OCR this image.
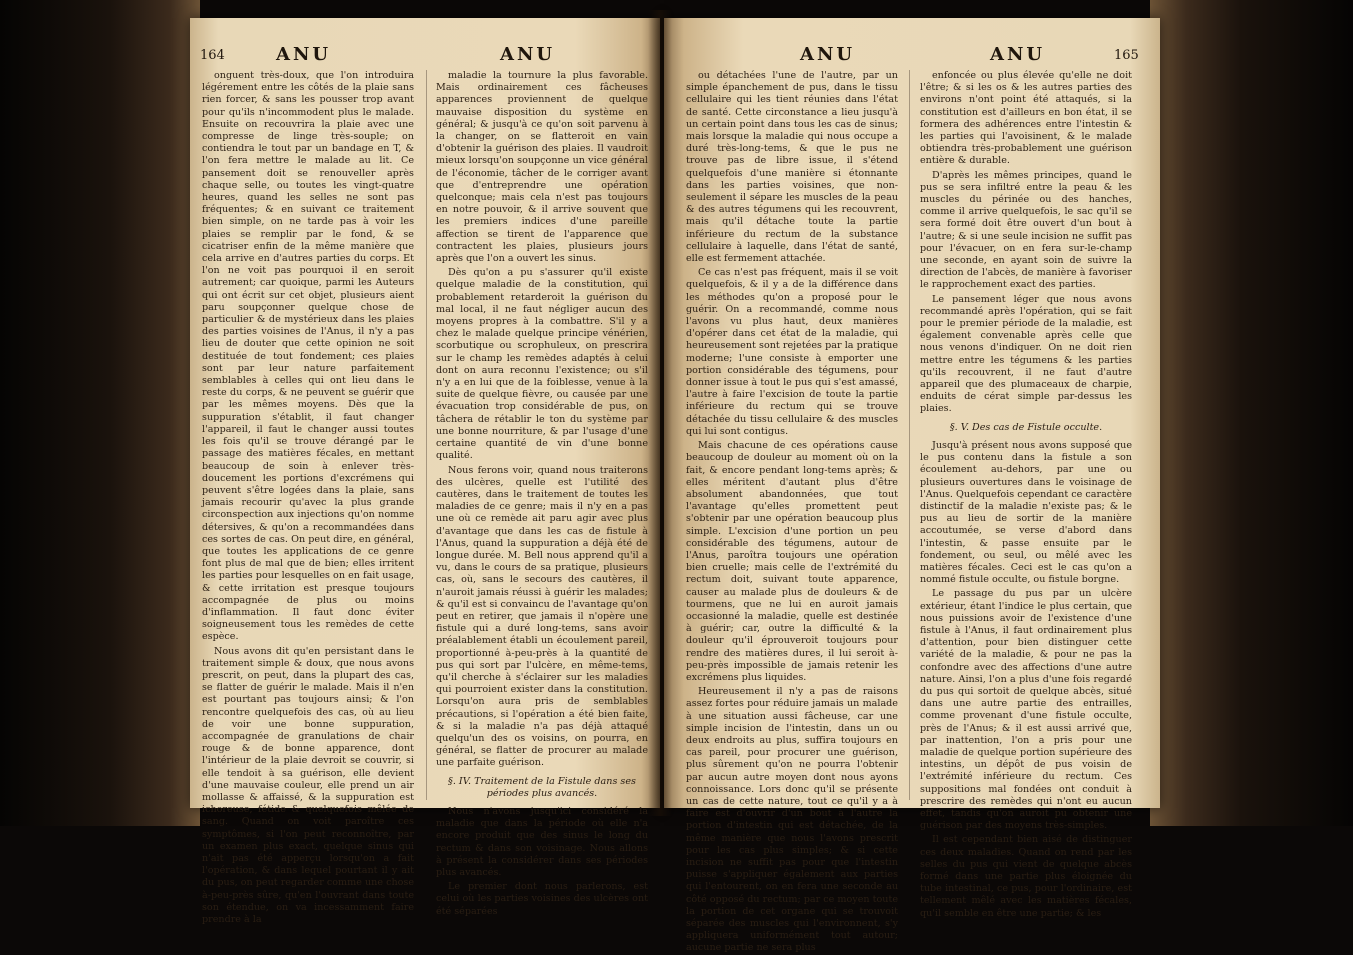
164	ANU	ANU

onguent très-doux, que l'on introduira légérement entre les côtés de la plaie sans rien forcer, & sans les pousser trop avant pour qu'ils n'incommodent plus le malade. Ensuite on recouvrira la plaie avec une compresse de linge très-souple; on contiendra le tout par un bandage en T, & l'on fera mettre le malade au lit. Ce pansement doit se renouveller après chaque selle, ou toutes les vingt-quatre heures, quand les selles ne sont pas fréquentes; & en suivant ce traitement bien simple, on ne tarde pas à voir les plaies se remplir par le fond, & se cicatriser enfin de la même manière que cela arrive en d'autres parties du corps. Et l'on ne voit pas pourquoi il en seroit autrement; car quoique, parmi les Auteurs qui ont écrit sur cet objet, plusieurs aient paru soupçonner quelque chose de particulier & de mystérieux dans les plaies des parties voisines de l'Anus, il n'y a pas lieu de douter que cette opinion ne soit destituée de tout fondement; ces plaies sont par leur nature parfaitement semblables à celles qui ont lieu dans le reste du corps, & ne peuvent se guérir que par les mêmes moyens. Dès que la suppuration s'établit, il faut changer l'appareil, il faut le changer aussi toutes les fois qu'il se trouve dérangé par le passage des matières fécales, en mettant beaucoup de soin à enlever très-doucement les portions d'excrémens qui peuvent s'être logées dans la plaie, sans jamais recourir qu'avec la plus grande circonspection aux injections qu'on nomme détersives, & qu'on a recommandées dans ces sortes de cas. On peut dire, en général, que toutes les applications de ce genre font plus de mal que de bien; elles irritent les parties pour lesquelles on en fait usage, & cette irritation est presque toujours accompagnée de plus ou moins d'inflammation. Il faut donc éviter soigneusement tous les remèdes de cette espèce.

Nous avons dit qu'en persistant dans le traitement simple & doux, que nous avons prescrit, on peut, dans la plupart des cas, se flatter de guérir le malade. Mais il n'en est pourtant pas toujours ainsi; & l'on rencontre quelquefois des cas, où au lieu de voir une bonne suppuration, accompagnée de granulations de chair rouge & de bonne apparence, dont l'intérieur de la plaie devroit se couvrir, si elle tendoit à sa guérison, elle devient d'une mauvaise couleur, elle prend un air mollasse & affaissé, & la suppuration est ichoreuse, fétide & quelquefois mêlée de sang. Quand on voit paroître ces symptômes, si l'on peut reconnoître, par un examen plus exact, quelque sinus qui n'ait pas été apperçu lorsqu'on a fait l'opération, & dans lequel pourtant il y ait du pus, on peut regarder comme une chose à-peu-près sûre, qu'en l'ouvrant dans toute son étendue, on va incessamment faire prendre à la

maladie la tournure la plus favorable. Mais ordinairement ces fâcheuses apparences proviennent de quelque mauvaise disposition du système en général; & jusqu'à ce qu'on soit parvenu à la changer, on se flatteroit en vain d'obtenir la guérison des plaies. Il vaudroit mieux lorsqu'on soupçonne un vice général de l'économie, tâcher de le corriger avant que d'entreprendre une opération quelconque; mais cela n'est pas toujours en notre pouvoir, & il arrive souvent que les premiers indices d'une pareille affection se tirent de l'apparence que contractent les plaies, plusieurs jours après que l'on a ouvert les sinus.

Dès qu'on a pu s'assurer qu'il existe quelque maladie de la constitution, qui probablement retarderoit la guérison du mal local, il ne faut négliger aucun des moyens propres à la combattre. S'il y a chez le malade quelque principe vénérien, scorbutique ou scrophuleux, on prescrira sur le champ les remèdes adaptés à celui dont on aura reconnu l'existence; ou s'il n'y a en lui que de la foiblesse, venue à la suite de quelque fièvre, ou causée par une évacuation trop considérable de pus, on tâchera de rétablir le ton du système par une bonne nourriture, & par l'usage d'une certaine quantité de vin d'une bonne qualité.

Nous ferons voir, quand nous traiterons des ulcères, quelle est l'utilité des cautères, dans le traitement de toutes les maladies de ce genre; mais il n'y en a pas une où ce remède ait paru agir avec plus d'avantage que dans les cas de fistule à l'Anus, quand la suppuration a déjà été de longue durée. M. Bell nous apprend qu'il a vu, dans le cours de sa pratique, plusieurs cas, où, sans le secours des cautères, il n'auroit jamais réussi à guérir les malades; & qu'il est si convaincu de l'avantage qu'on peut en retirer, que jamais il n'opère une fistule qui a duré long-tems, sans avoir préalablement établi un écoulement pareil, proportionné à-peu-près à la quantité de pus qui sort par l'ulcère, en même-tems, qu'il cherche à s'éclairer sur les maladies qui pourroient exister dans la constitution. Lorsqu'on aura pris de semblables précautions, si l'opération a été bien faite, & si la maladie n'a pas déjà attaqué quelqu'un des os voisins, on pourra, en général, se flatter de procurer au malade une parfaite guérison.

§. IV. Traitement de la Fistule dans ses périodes plus avancés.

Nous n'avons jusqu'ici considéré la maladie que dans la période où elle n'a encore produit que des sinus le long du rectum & dans son voisinage. Nous allons à présent la considérer dans ses périodes plus avancés.

Le premier dont nous parlerons, est celui où les parties voisines des ulcères ont été séparées

ANU	ANU	165

ou détachées l'une de l'autre, par un simple épanchement de pus, dans le tissu cellulaire qui les tient réunies dans l'état de santé. Cette circonstance a lieu jusqu'à un certain point dans tous les cas de sinus; mais lorsque la maladie qui nous occupe a duré très-long-tems, & que le pus ne trouve pas de libre issue, il s'étend quelquefois d'une manière si étonnante dans les parties voisines, que non-seulement il sépare les muscles de la peau & des autres tégumens qui les recouvrent, mais qu'il détache toute la partie inférieure du rectum de la substance cellulaire à laquelle, dans l'état de santé, elle est fermement attachée.

Ce cas n'est pas fréquent, mais il se voit quelquefois, & il y a de la différence dans les méthodes qu'on a proposé pour le guérir. On a recommandé, comme nous l'avons vu plus haut, deux manières d'opérer dans cet état de la maladie, qui heureusement sont rejetées par la pratique moderne; l'une consiste à emporter une portion considérable des tégumens, pour donner issue à tout le pus qui s'est amassé, l'autre à faire l'excision de toute la partie inférieure du rectum qui se trouve détachée du tissu cellulaire & des muscles qui lui sont contigus.

Mais chacune de ces opérations cause beaucoup de douleur au moment où on la fait, & encore pendant long-tems après; & elles méritent d'autant plus d'être absolument abandonnées, que tout l'avantage qu'elles promettent peut s'obtenir par une opération beaucoup plus simple. L'excision d'une portion un peu considérable des tégumens, autour de l'Anus, paroîtra toujours une opération bien cruelle; mais celle de l'extrémité du rectum doit, suivant toute apparence, causer au malade plus de douleurs & de tourmens, que ne lui en auroit jamais occasionné la maladie, quelle est destinée à guérir; car, outre la difficulté & la douleur qu'il éprouveroit toujours pour rendre des matières dures, il lui seroit à-peu-près impossible de jamais retenir les excrémens plus liquides.

Heureusement il n'y a pas de raisons assez fortes pour réduire jamais un malade à une situation aussi fâcheuse, car une simple incision de l'intestin, dans un ou deux endroits au plus, suffira toujours en cas pareil, pour procurer une guérison, plus sûrement qu'on ne pourra l'obtenir par aucun autre moyen dont nous ayons connoissance. Lors donc qu'il se présente un cas de cette nature, tout ce qu'il y a à faire est d'ouvrir d'un bout à l'autre la portion d'intestin qui est détachée, de la même manière que nous l'avons prescrit pour les cas plus simples; & si cette incision ne suffit pas pour que l'intestin puisse s'appliquer également aux parties qui l'entourent, on en fera une seconde au côté opposé du rectum; par ce moyen toute la portion de cet organe qui se trouvoit séparée des muscles qui l'environnent, s'y appliquera uniformément tout autour; aucune partie ne sera plus

enfoncée ou plus élevée qu'elle ne doit l'être; & si les os & les autres parties des environs n'ont point été attaqués, si la constitution est d'ailleurs en bon état, il se formera des adhérences entre l'intestin & les parties qui l'avoisinent, & le malade obtiendra très-probablement une guérison entière & durable.

D'après les mêmes principes, quand le pus se sera infiltré entre la peau & les muscles du périnée ou des hanches, comme il arrive quelquefois, le sac qu'il se sera formé doit être ouvert d'un bout à l'autre; & si une seule incision ne suffit pas pour l'évacuer, on en fera sur-le-champ une seconde, en ayant soin de suivre la direction de l'abcès, de manière à favoriser le rapprochement exact des parties.

Le pansement léger que nous avons recommandé après l'opération, qui se fait pour le premier période de la maladie, est également convenable après celle que nous venons d'indiquer. On ne doit rien mettre entre les tégumens & les parties qu'ils recouvrent, il ne faut d'autre appareil que des plumaceaux de charpie, enduits de cérat simple par-dessus les plaies.

§. V. Des cas de Fistule occulte.

Jusqu'à présent nous avons supposé que le pus contenu dans la fistule a son écoulement au-dehors, par une ou plusieurs ouvertures dans le voisinage de l'Anus. Quelquefois cependant ce caractère distinctif de la maladie n'existe pas; & le pus au lieu de sortir de la manière accoutumée, se verse d'abord dans l'intestin, & passe ensuite par le fondement, ou seul, ou mêlé avec les matières fécales. Ceci est le cas qu'on a nommé fistule occulte, ou fistule borgne.

Le passage du pus par un ulcère extérieur, étant l'indice le plus certain, que nous puissions avoir de l'existence d'une fistule à l'Anus, il faut ordinairement plus d'attention, pour bien distinguer cette variété de la maladie, & pour ne pas la confondre avec des affections d'une autre nature. Ainsi, l'on a plus d'une fois regardé du pus qui sortoit de quelque abcès, situé dans une autre partie des entrailles, comme provenant d'une fistule occulte, près de l'Anus; & il est aussi arrivé que, par inattention, l'on a pris pour une maladie de quelque portion supérieure des intestins, un dépôt de pus voisin de l'extrémité inférieure du rectum. Ces suppositions mal fondées ont conduit à prescrire des remèdes qui n'ont eu aucun effet, tandis qu'on auroit pu obtenir une guérison par des moyens très-simples.

Il est cependant bien aisé de distinguer ces deux maladies. Quand on rend par les selles du pus qui vient de quelque abcès formé dans une partie plus éloignée du tube intestinal, ce pus, pour l'ordinaire, est tellement mêlé avec les matières fécales, qu'il semble en être une partie; & les
